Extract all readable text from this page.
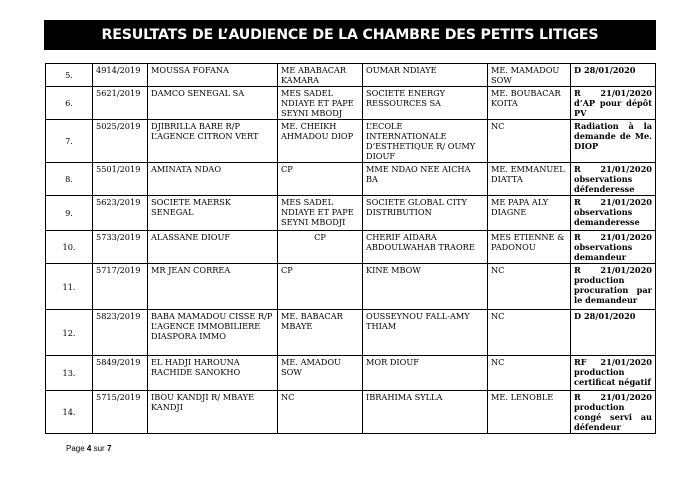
RESULTATS DE L’AUDIENCE DE LA CHAMBRE DES PETITS LITIGES
5.	4914/2019	MOUSSA FOFANA	ME ABABACAR KAMARA	OUMAR NDIAYE	ME. MAMADOU SOW	D 28/01/2020
6.	5621/2019	DAMCO SENEGAL SA	MES SADEL NDIAYE ET PAPE SEYNI MBODJ	SOCIETE ENERGY RESSOURCES SA	ME. BOUBACAR KOITA	R 21/01/2020 d’AP pour dépôt PV
7.	5025/2019	DJIBRILLA BARE R/P L’AGENCE CITRON VERT	ME. CHEIKH AHMADOU DIOP	L’ECOLE INTERNATIONALE D’ESTHETIQUE R/ OUMY DIOUF	NC	Radiation à la demande de Me. DIOP
8.	5501/2019	AMINATA NDAO	CP	MME NDAO NEE AICHA BA	ME. EMMANUEL DIATTA	R 21/01/2020 observations défenderesse
9.	5623/2019	SOCIETE MAERSK SENEGAL	MES SADEL NDIAYE ET PAPE SEYNI MBODJI	SOCIETE GLOBAL CITY DISTRIBUTION	ME PAPA ALY DIAGNE	R 21/01/2020 observations demanderesse
10.	5733/2019	ALASSANE DIOUF	CP	CHERIF AIDARA ABDOULWAHAB TRAORE	MES ETIENNE & PADONOU	R 21/01/2020 observations demandeur
11.	5717/2019	MR JEAN CORREA	CP	KINE MBOW	NC	R 21/01/2020 production procuration par le demandeur
12.	5823/2019	BABA MAMADOU CISSE R/P L’AGENCE IMMOBILIERE DIASPORA IMMO	ME. BABACAR MBAYE	OUSSEYNOU FALL-AMY THIAM	NC	D 28/01/2020
13.	5849/2019	EL HADJI HAROUNA RACHIDE SANOKHO	ME. AMADOU SOW	MOR DIOUF	NC	RF 21/01/2020 production certificat négatif
14.	5715/2019	IBOU KANDJI R/ MBAYE KANDJI	NC	IBRAHIMA SYLLA	ME. LENOBLE	R 21/01/2020 production congé servi au défendeur
Page 4 sur 7
